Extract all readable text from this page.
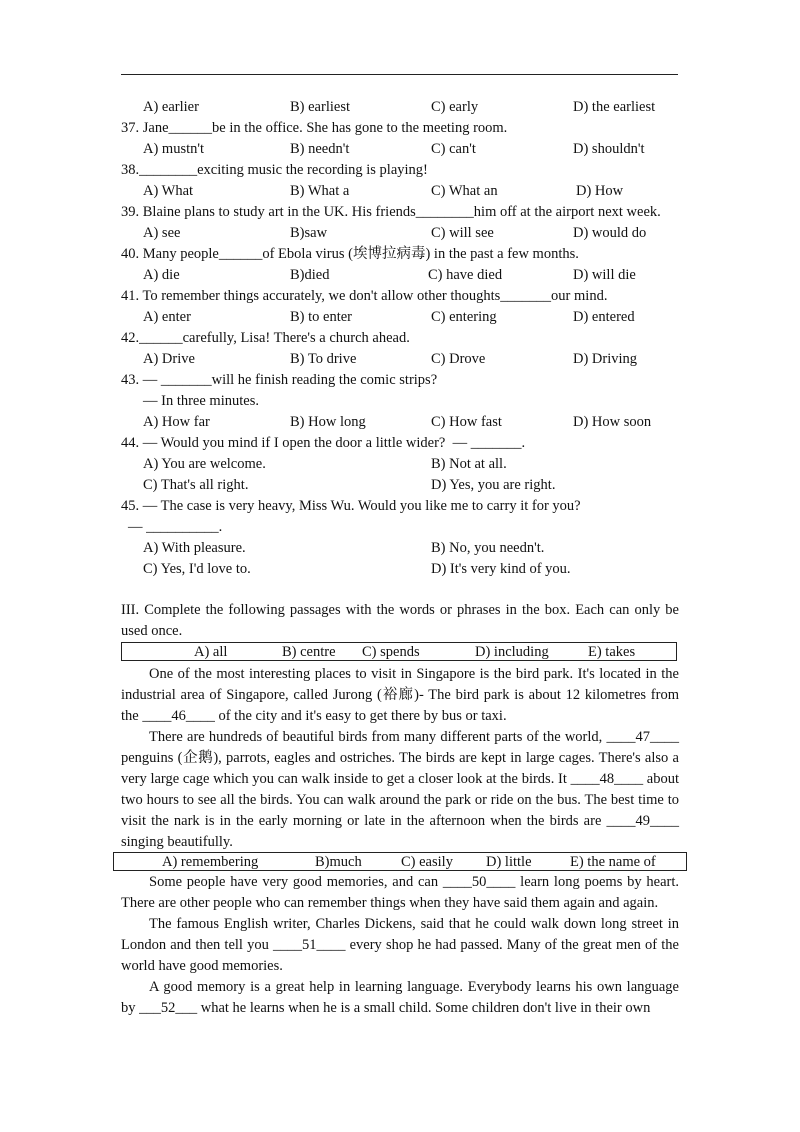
A) earlier	B) earliest	C) early	D) the earliest
37. Jane______be in the office. She has gone to the meeting room.
A) mustn't	B) needn't	C) can't	D) shouldn't
38.________exciting music the recording is playing!
A) What	B) What a	C) What an	D) How
39. Blaine plans to study art in the UK. His friends________him off at the airport next week.
A) see	B)saw	C) will see	D) would do
40. Many people______of Ebola virus (埃博拉病毒) in the past a few months.
A) die	B)died	C) have died	D) will die
41. To remember things accurately, we don't allow other thoughts_______our mind.
A) enter	B) to enter	C) entering	D) entered
42.______carefully, Lisa! There's a church ahead.
A) Drive	B) To drive	C) Drove	D) Driving
43. — _______will he finish reading the comic strips?
— In three minutes.
A) How far	B) How long	C) How fast	D) How soon
44. — Would you mind if I open the door a little wider?  — _______.
A) You are welcome.	B) Not at all.
C) That's all right.	D) Yes, you are right.
45. — The case is very heavy, Miss Wu. Would you like me to carry it for you?
— __________.
A) With pleasure.	B) No, you needn't.
C) Yes, I'd love to.	D) It's very kind of you.

III. Complete the following passages with the words or phrases in the box. Each can only be used once.

A) all	B) centre C) spends	D) including	E) takes

One of the most interesting places to visit in Singapore is the bird park. It's located in the industrial area of Singapore, called Jurong (裕廊)- The bird park is about 12 kilometres from the ____46____ of the city and it's easy to get there by bus or taxi.

There are hundreds of beautiful birds from many different parts of the world, ____47____ penguins (企鹅), parrots, eagles and ostriches. The birds are kept in large cages. There's also a very large cage which you can walk inside to get a closer look at the birds. It ____48____ about two hours to see all the birds. You can walk around the park or ride on the bus. The best time to visit the nark is in the early morning or late in the afternoon when the birds are ____49____ singing beautifully.

A) remembering	B)much	C) easily D) little	E) the name of

Some people have very good memories, and can ____50____ learn long poems by heart. There are other people who can remember things when they have said them again and again.

The famous English writer, Charles Dickens, said that he could walk down long street in London and then tell you ____51____ every shop he had passed. Many of the great men of the world have good memories.

A good memory is a great help in learning language. Everybody learns his own language by ___52___ what he learns when he is a small child. Some children don't live in their own
